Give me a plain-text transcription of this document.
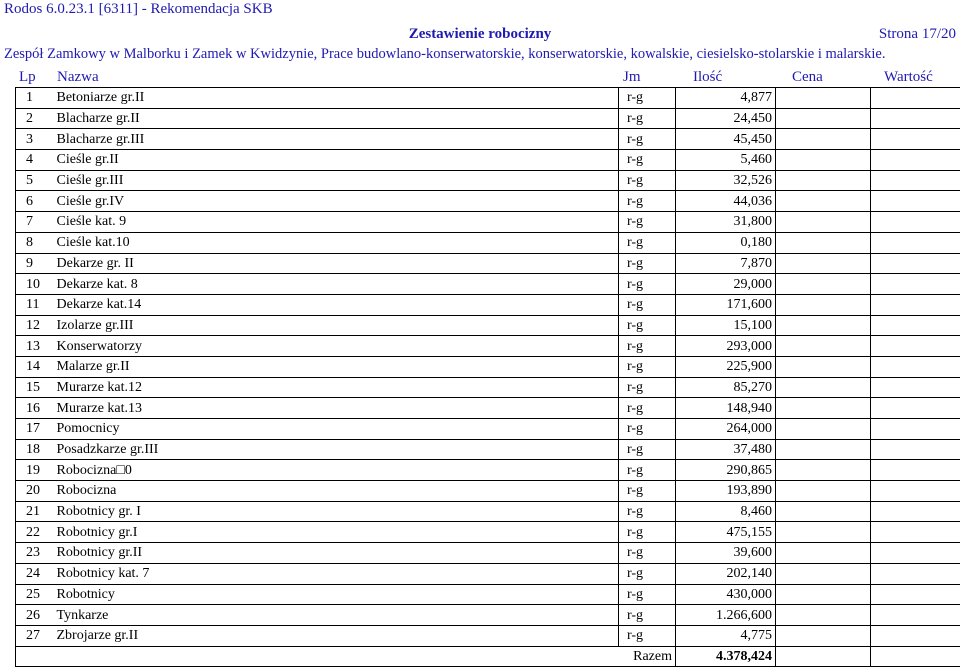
Rodos 6.0.23.1 [6311] - Rekomendacja SKB
Zestawienie robocizny	Strona 17/20
Zespół Zamkowy w Malborku i Zamek w Kwidzynie, Prace budowlano-konserwatorskie, konserwatorskie, kowalskie, ciesielsko-stolarskie i malarskie.
Lp Nazwa	Jm	Ilość	Cena	Wartość
1	Betoniarze gr.II	r-g	4,877		
2	Blacharze gr.II	r-g	24,450		
3	Blacharze gr.III	r-g	45,450		
4	Cieśle gr.II	r-g	5,460		
5	Cieśle gr.III	r-g	32,526		
6	Cieśle gr.IV	r-g	44,036		
7	Cieśle kat. 9	r-g	31,800		
8	Cieśle kat.10	r-g	0,180		
9	Dekarze gr. II	r-g	7,870		
10	Dekarze kat. 8	r-g	29,000		
11	Dekarze kat.14	r-g	171,600		
12	Izolarze gr.III	r-g	15,100		
13	Konserwatorzy	r-g	293,000		
14	Malarze gr.II	r-g	225,900		
15	Murarze kat.12	r-g	85,270		
16	Murarze kat.13	r-g	148,940		
17	Pomocnicy	r-g	264,000		
18	Posadzkarze gr.III	r-g	37,480		
19	Robocizna□0	r-g	290,865		
20	Robocizna	r-g	193,890		
21	Robotnicy gr. I	r-g	8,460		
22	Robotnicy gr.I	r-g	475,155		
23	Robotnicy gr.II	r-g	39,600		
24	Robotnicy kat. 7	r-g	202,140		
25	Robotnicy	r-g	430,000		
26	Tynkarze	r-g	1.266,600		
27	Zbrojarze gr.II	r-g	4,775		
	Razem		4.378,424		
